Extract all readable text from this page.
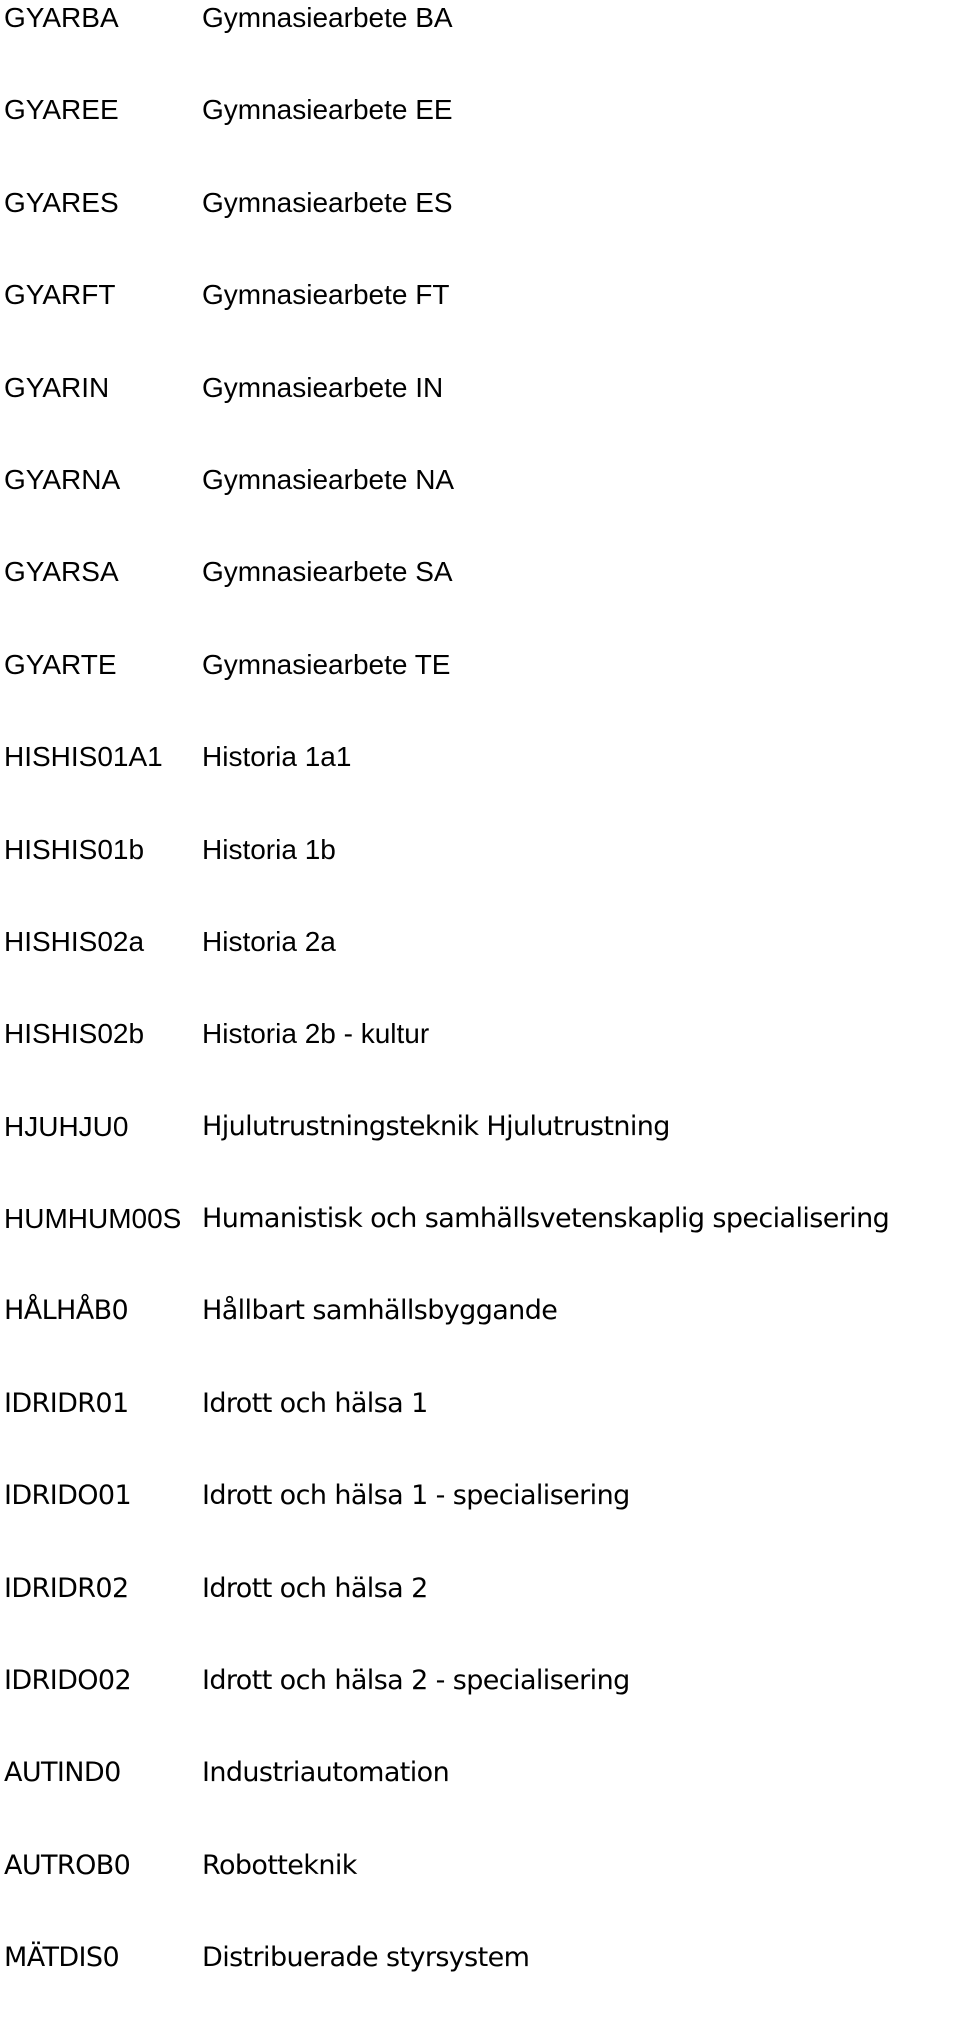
GYARBA	Gymnasiearbete BA
GYAREE	Gymnasiearbete EE
GYARES	Gymnasiearbete ES
GYARFT	Gymnasiearbete FT
GYARIN	Gymnasiearbete IN
GYARNA	Gymnasiearbete NA
GYARSA	Gymnasiearbete SA
GYARTE	Gymnasiearbete TE
HISHIS01A1	Historia 1a1
HISHIS01b	Historia 1b
HISHIS02a	Historia 2a
HISHIS02b	Historia 2b - kultur
HJUHJU0	Hjulutrustningsteknik Hjulutrustning
HUMHUM00S Humanistisk och samhällsvetenskaplig specialisering
HÅLHÅB0	Hållbart samhällsbyggande
IDRIDR01	Idrott och hälsa 1
IDRIDO01	Idrott och hälsa 1 - specialisering
IDRIDR02	Idrott och hälsa 2
IDRIDO02	Idrott och hälsa 2 - specialisering
AUTIND0	Industriautomation
AUTROB0	Robotteknik
MÄTDIS0	Distribuerade styrsystem
